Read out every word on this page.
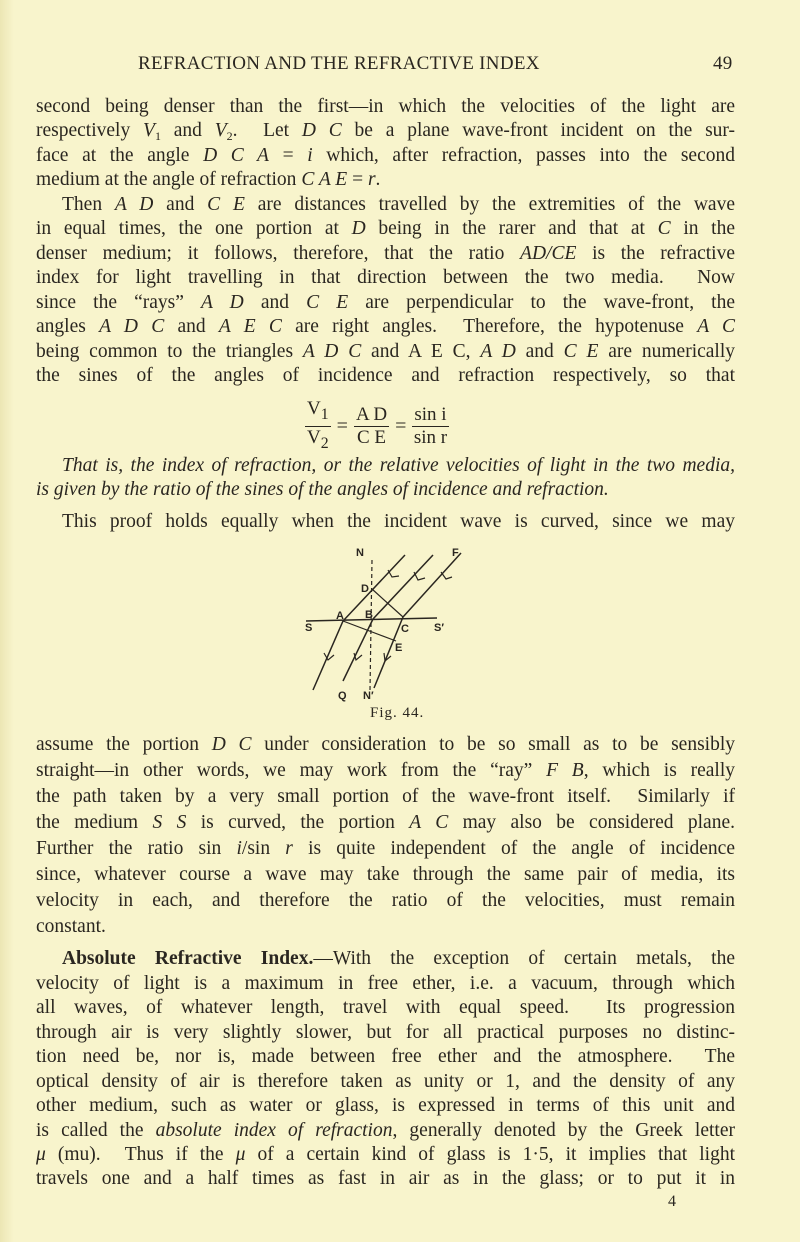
REFRACTION AND THE REFRACTIVE INDEX	49
second being denser than the first—in which the velocities of the light are
respectively $V_1$ and $V_2$.  Let D C be a plane wave-front incident on the sur-
face at the angle D C A = i which, after refraction, passes into the second
medium at the angle of refraction C A E = r.
Then A D and C E are distances travelled by the extremities of the wave
in equal times, the one portion at D being in the rarer and that at C in the
denser medium; it follows, therefore, that the ratio AD/CE is the refractive
index for light travelling in that direction between the two media.  Now
since the “rays” A D and C E are perpendicular to the wave-front, the
angles A D C and A E C are right angles.  Therefore, the hypotenuse A C
being common to the triangles A D C and A E C, A D and C E are numerically
the sines of the angles of incidence and refraction respectively, so that
That is, the index of refraction, or the relative velocities of light in the two media,
is given by the ratio of the sines of the angles of incidence and refraction.
This proof holds equally when the incident wave is curved, since we may
assume the portion D C under consideration to be so small as to be sensibly
straight—in other words, we may work from the “ray” F B, which is really
the path taken by a very small portion of the wave-front itself.  Similarly if
the medium S S is curved, the portion A C may also be considered plane.
Further the ratio sin i/sin r is quite independent of the angle of incidence
since, whatever course a wave may take through the same pair of media, its
velocity in each, and therefore the ratio of the velocities, must remain
constant.
Absolute Refractive Index.—With the exception of certain metals, the
velocity of light is a maximum in free ether, i.e. a vacuum, through which
all waves, of whatever length, travel with equal speed.  Its progression
through air is very slightly slower, but for all practical purposes no distinc-
tion need be, nor is, made between free ether and the atmosphere.  The
optical density of air is therefore taken as unity or 1, and the density of any
other medium, such as water or glass, is expressed in terms of this unit and
is called the absolute index of refraction, generally denoted by the Greek letter
μ (mu).  Thus if the μ of a certain kind of glass is 1·5, it implies that light
travels one and a half times as fast in air as in the glass; or to put it in
$\frac{V_1}{V_2} = \frac{\text{A D}}{\text{C E}} = \frac{\text{sin i}}{\text{sin r}}$
N	F
D
A B
C
S	S′
E
Q N′
Fig. 44.
4
